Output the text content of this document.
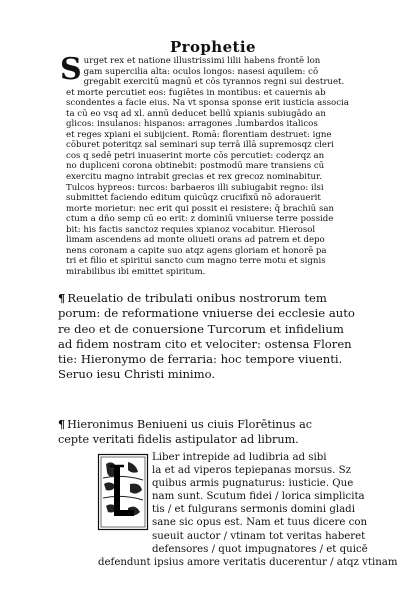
Prophetie
S urget rex et natione illustrissimi lilii habens frontē lon
gam supercilia alta: oculos longos: nasesi aquilem: cō
gregabit exercitū magnū et cōs tyrannos regni sui destruet.
et morte percutiet eos: fugiētes in montibus: et cauernis ab
scondentes a facie eius. Na vt sponsa sponse erit iusticia associa
ta cū eo vsq ad xl. annū deducet bellū xpianis subiugādo an
glicos: insulanos: hispanos: arragones .lumbardos italicos
et reges xpiani ei subijcient. Romā: florentiam destruet: igne
cōburet poteritqz sal seminari sup terrā illā supremosqz cleri
cos q sedē petri inuaserint morte cōs percutiet: coderqz an
no dupliceni corona obtinebit: postmodū mare transiens cū
exercitu magno intrabit grecias et rex grecoz nominabitur.
Tulcos hypreos: turcos: barbaeros illi subiugabit regno: ilsi
submittet faciendo editum quicūqz crucifixū nō adorauerit
morte morietur: nec erit qui possit ei resistere: q̄ brachiū san
ctum a dño semp cū eo erit: z dominiū vniuerse terre posside
bit: his factis sanctoz requies xpianoz vocabitur. Hierosol
limam ascendens ad monte oliueti orans ad patrem et depo
nens coronam a capite suo atqz agens gloriam et honorē pa
tri et filio et spiritui sancto cum magno terre motu et signis
mirabilibus ibi emittet spiritum.
¶ Reuelatio de tribulati onibus nostrorum tem
porum: de reformatione vniuerse dei ecclesie auto
re deo et de conuersione Turcorum et infidelium
ad fidem nostram cito et velociter: ostensa Floren
tie: Hieronymo de ferraria: hoc tempore viuenti.
Seruo iesu Christi minimo.
¶ Hieronimus Beniueni us ciuis Florētinus ac
cepte veritati fidelis astipulator ad librum.
Liber intrepide ad ludibria ad sibi
la et ad viperos tepiepanas morsus. Sz
quibus armis pugnaturus: iusticie. Que
nam sunt. Scutum fidei / lorica simplicita
tis / et fulgurans sermonis domini gladi
sane sic opus est. Nam et tuus dicere con
sueuit auctor / vtinam tot veritas haberet
defensores / quot impugnatores / et quicē
defendunt ipsius amore veritatis ducerentur / atqz vtinam
